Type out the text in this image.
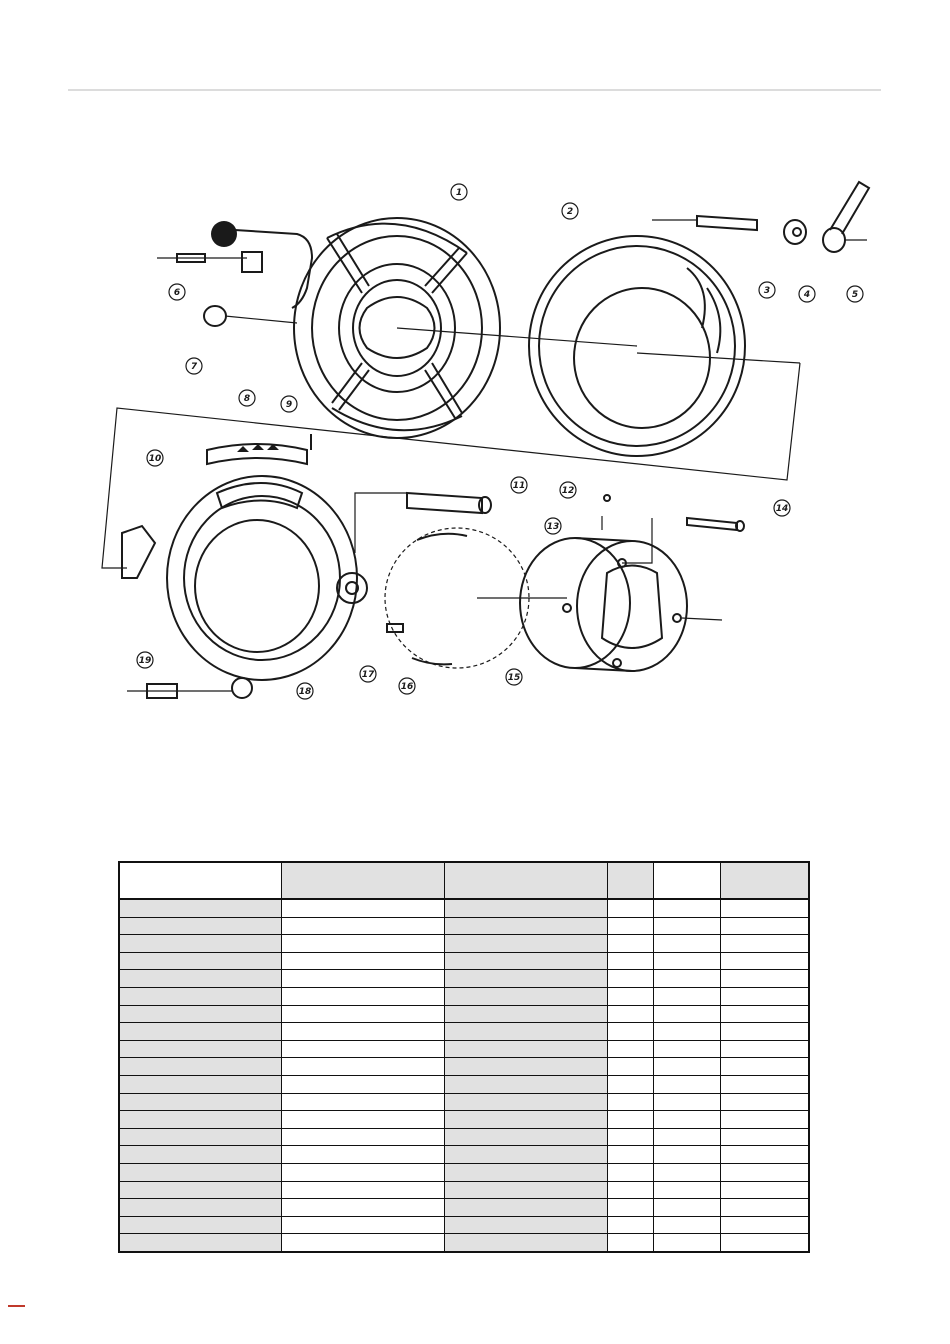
1
2
3	4	5
6
7
8
9
10
11	12
13
14
15
16
17
18
19
